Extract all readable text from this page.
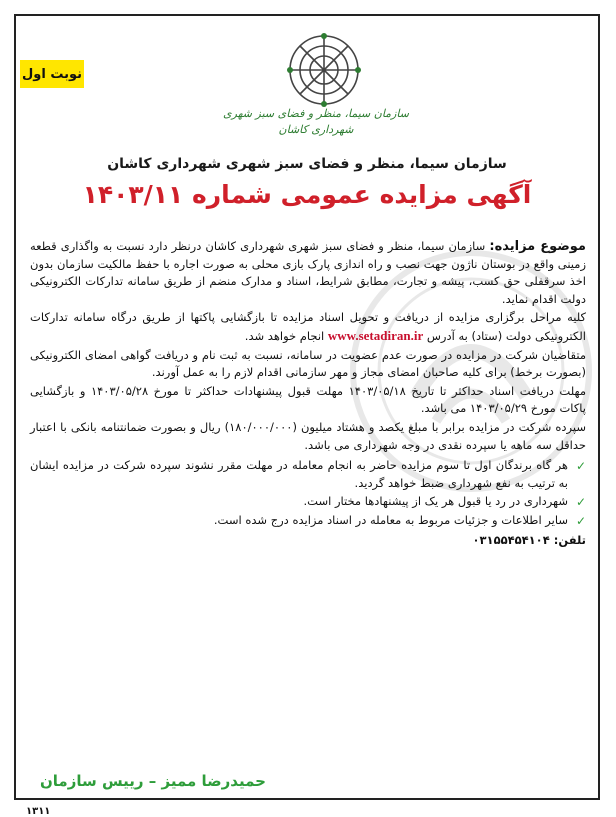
نوبت اول
سازمان سیما، منظر و فضای سبز شهری
شهرداری کاشان
سازمان سیما، منظر و فضای سبز شهری شهرداری کاشان
آگهی مزایده عمومی شماره ۱۴۰۳/۱۱

موضوع مزایده: سازمان سیما، منظر و فضای سبز شهری شهرداری کاشان درنظر دارد نسبت به واگذاری قطعه زمینی واقع در بوستان ناژون جهت نصب و راه اندازی پارک بازی محلی به صورت اجاره با حفظ مالکیت سازمان بدون اخذ سرقفلی حق کسب، پیشه و تجارت، مطابق شرایط، اسناد و مدارک منضم از طریق سامانه تدارکات الکترونیکی دولت اقدام نماید.

کلیه مراحل برگزاری مزایده از دریافت و تحویل اسناد مزایده تا بازگشایی پاکتها از طریق درگاه سامانه تدارکات الکترونیکی دولت (ستاد) به آدرس www.setadiran.ir انجام خواهد شد.

متقاضیان شرکت در مزایده در صورت عدم عضویت در سامانه، نسبت به ثبت نام و دریافت گواهی امضای الکترونیکی (بصورت برخط) برای کلیه صاحبان امضای مجاز و مهر سازمانی اقدام لازم را به عمل آورند.

مهلت دریافت اسناد حداکثر تا تاریخ ۱۴۰۳/۰۵/۱۸ مهلت قبول پیشنهادات حداکثر تا مورخ ۱۴۰۳/۰۵/۲۸ و بازگشایی پاکات مورخ ۱۴۰۳/۰۵/۲۹ می باشد.

سپرده شرکت در مزایده برابر با مبلغ یکصد و هشتاد میلیون (۱۸۰/۰۰۰/۰۰۰) ریال و بصورت ضمانتنامه بانکی با اعتبار حداقل سه ماهه یا سپرده نقدی در وجه شهرداری می باشد.

✓
هر گاه برندگان اول تا سوم مزایده حاضر به انجام معامله در مهلت مقرر نشوند سپرده شرکت در مزایده ایشان به ترتیب به نفع شهرداری ضبط خواهد گردید.
✓
شهرداری در رد یا قبول هر یک از پیشنهادها مختار است.
✓
سایر اطلاعات و جزئیات مربوط به معامله در اسناد مزایده درج شده است.
تلفن: ۰۳۱۵۵۴۵۴۱۰۴
حمیدرضا ممیز – رییس سازمان
۱۳۱۱
